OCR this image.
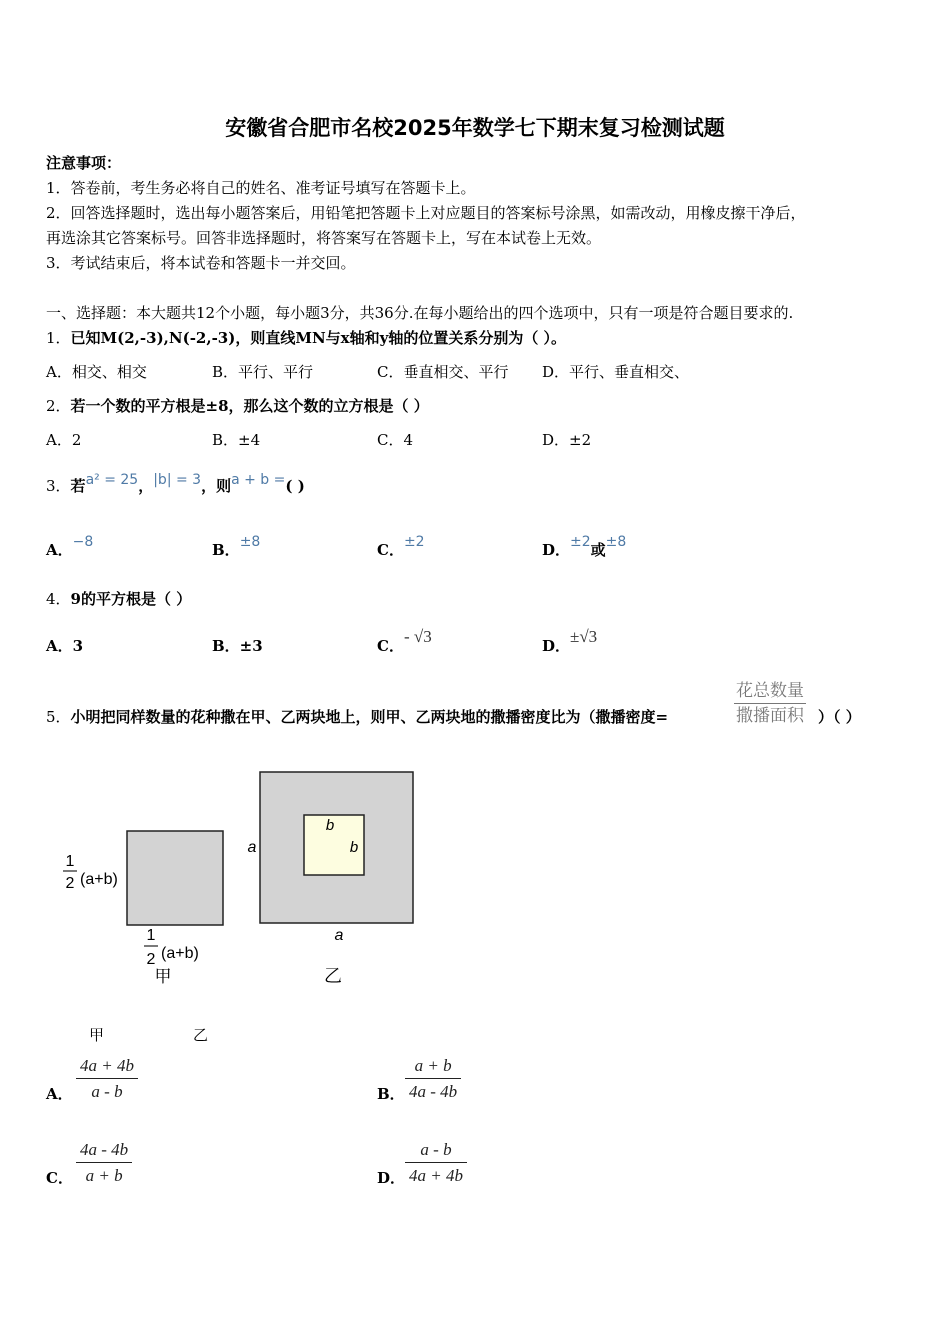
安徽省合肥市名校2025年数学七下期末复习检测试题
注意事项：
1．答卷前，考生务必将自己的姓名、准考证号填写在答题卡上。
2．回答选择题时，选出每小题答案后，用铅笔把答题卡上对应题目的答案标号涂黑，如需改动，用橡皮擦干净后，
再选涂其它答案标号。回答非选择题时，将答案写在答题卡上，写在本试卷上无效。
3．考试结束后，将本试卷和答题卡一并交回。
一、选择题：本大题共12个小题，每小题3分，共36分.在每小题给出的四个选项中，只有一项是符合题目要求的.
1．已知M(2,-3),N(-2,-3)，则直线MN与x轴和y轴的位置关系分别为（ ）。
A．相交、相交	B．平行、平行	C．垂直相交、平行 D．平行、垂直相交、
2．若一个数的平方根是±8，那么这个数的立方根是（ ）
A．2	B．±4	C．4	D．±2
3．若a² = 25，|b| = 3，则a + b =( )
A．−8	B．±8	C．±2	D．±2或±8
4．9的平方根是（ ）
A．3	B．±3	C．- √3	D．±√3
5．小明把同样数量的花种撒在甲、乙两块地上，则甲、乙两块地的撒播密度比为（撒播密度=
花总数量
撒播面积 ）（ ）
1
2 (a+b)
1
2 (a+b)
甲
a
a
b
b
乙
甲	乙
A． $\frac{4a + 4b}{a - b}$	B． $\frac{a + b}{4a - 4b}$
C． $\frac{4a - 4b}{a + b}$	D． $\frac{a - b}{4a + 4b}$
